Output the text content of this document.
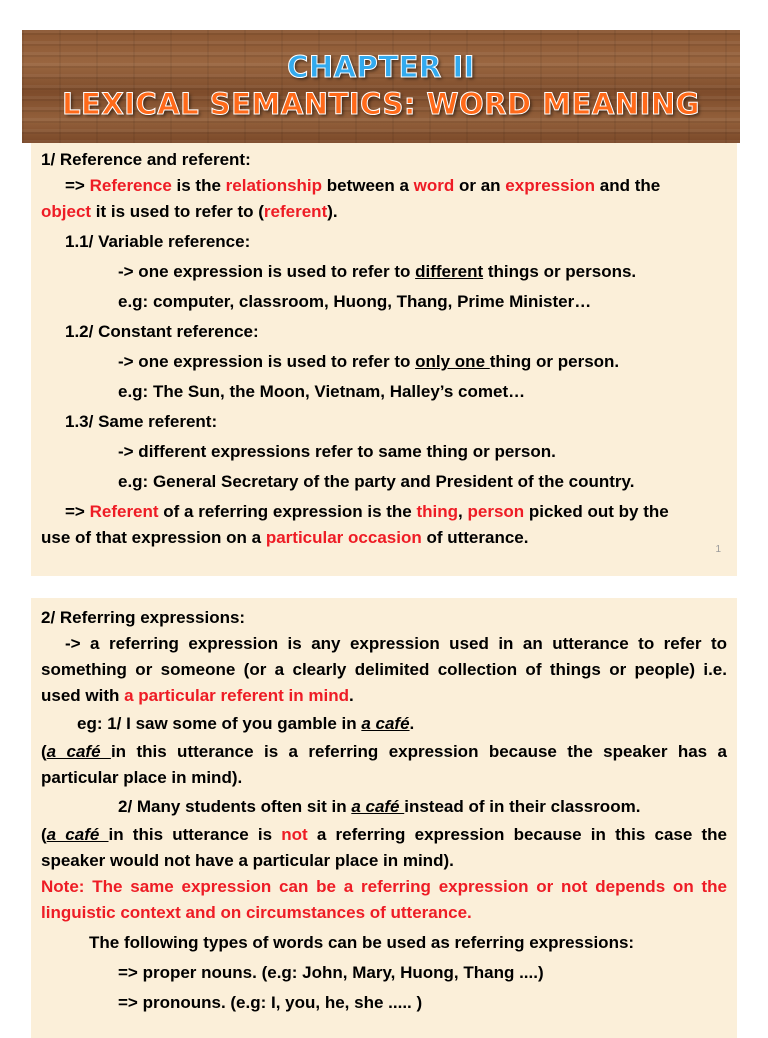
CHAPTER II
LEXICAL SEMANTICS: WORD MEANING

1/ Reference and referent:

=> Reference is the relationship between a word or an expression and the

object it is used to refer to (referent).

1.1/ Variable reference:

-> one expression is used to refer to different things or persons.

e.g: computer, classroom, Huong, Thang, Prime Minister…

1.2/ Constant reference:

-> one expression is used to refer to only one thing or person.

e.g: The Sun, the Moon, Vietnam, Halley’s comet…

1.3/ Same referent:

-> different expressions refer to same thing or person.

e.g: General Secretary of the party and President of the country.

=> Referent of a referring expression is the thing, person picked out by the

use of that expression on a particular occasion of utterance.

1

2/ Referring expressions:

-> a referring expression is any expression used in an utterance to refer to something or someone (or a clearly delimited collection of things or people) i.e. used with a particular referent in mind.

eg: 1/ I saw some of you gamble in a café.

(a café in this utterance is a referring expression because the speaker has a particular place in mind).

2/ Many students often sit in a café instead of in their classroom.

(a café in this utterance is not a referring expression because in this case the speaker would not have a particular place in mind).

Note: The same expression can be a referring expression or not depends on the linguistic context and on circumstances of utterance.

The following types of words can be used as referring expressions:

=> proper nouns. (e.g: John, Mary, Huong, Thang ....)

=> pronouns. (e.g: I, you, he, she ..... )
